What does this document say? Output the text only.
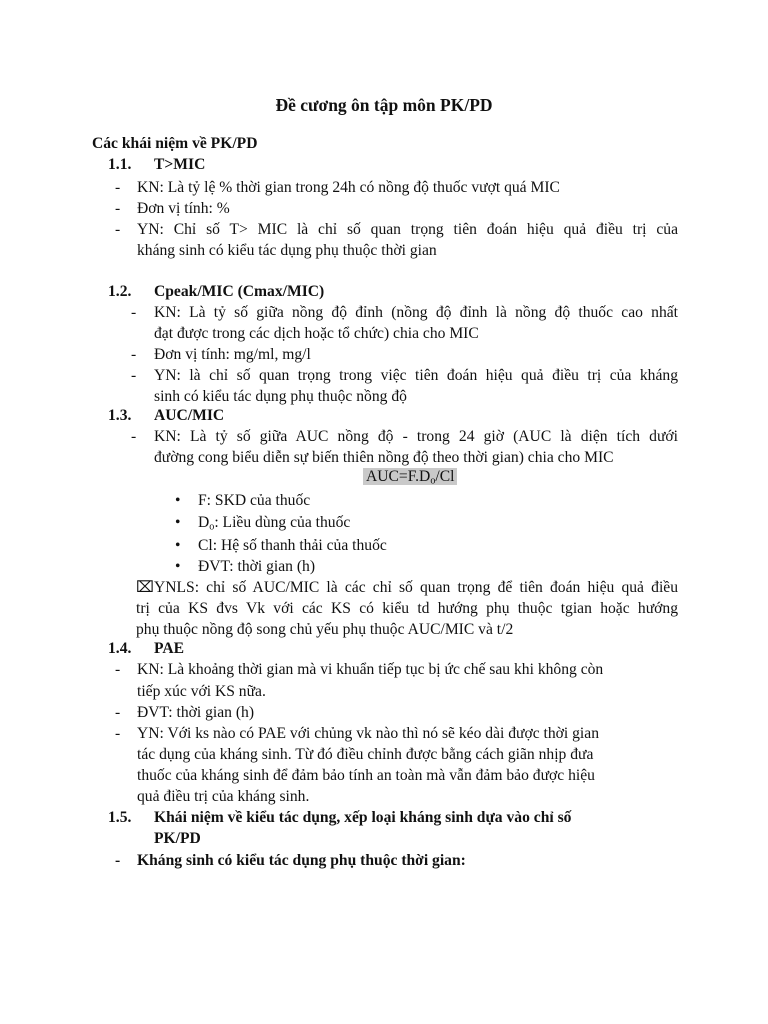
Đề cương ôn tập môn PK/PD
Các khái niệm về PK/PD
1.1. T>MIC
- KN: Là tỷ lệ % thời gian trong 24h có nồng độ thuốc vượt quá MIC
- Đơn vị tính: %
- YN: Chỉ số T> MIC là chỉ số quan trọng tiên đoán hiệu quả điều trị của
kháng sinh có kiểu tác dụng phụ thuộc thời gian
1.2. Cpeak/MIC (Cmax/MIC)
- KN: Là tỷ số giữa nồng độ đỉnh (nồng độ đỉnh là nồng độ thuốc cao nhất
đạt được trong các dịch hoặc tổ chức) chia cho MIC
- Đơn vị tính: mg/ml, mg/l
- YN: là chỉ số quan trọng trong việc tiên đoán hiệu quả điều trị của kháng
sinh có kiểu tác dụng phụ thuộc nồng độ
1.3. AUC/MIC
- KN: Là tỷ số giữa AUC nồng độ - trong 24 giờ (AUC là diện tích dưới
đường cong biểu diễn sự biến thiên nồng độ theo thời gian) chia cho MIC
$AUC=F.D_o/Cl$
• F: SKD của thuốc
• $D_o$: Liều dùng của thuốc
• Cl: Hệ số thanh thải của thuốc
• ĐVT: thời gian (h)
⌧YNLS: chỉ số AUC/MIC là các chỉ số quan trọng để tiên đoán hiệu quả điều
trị của KS đvs Vk với các KS có kiểu td hướng phụ thuộc tgian hoặc hướng
phụ thuộc nồng độ song chủ yếu phụ thuộc AUC/MIC và t/2
1.4. PAE
- KN: Là khoảng thời gian mà vi khuẩn tiếp tục bị ức chế sau khi không còn
tiếp xúc với KS nữa.
- ĐVT: thời gian (h)
- YN: Với ks nào có PAE với chủng vk nào thì nó sẽ kéo dài được thời gian
tác dụng của kháng sinh. Từ đó điều chỉnh được bằng cách giãn nhịp đưa
thuốc của kháng sinh để đảm bảo tính an toàn mà vẫn đảm bảo được hiệu
quả điều trị của kháng sinh.
1.5. Khái niệm về kiểu tác dụng, xếp loại kháng sinh dựa vào chỉ số
PK/PD
- Kháng sinh có kiểu tác dụng phụ thuộc thời gian:
